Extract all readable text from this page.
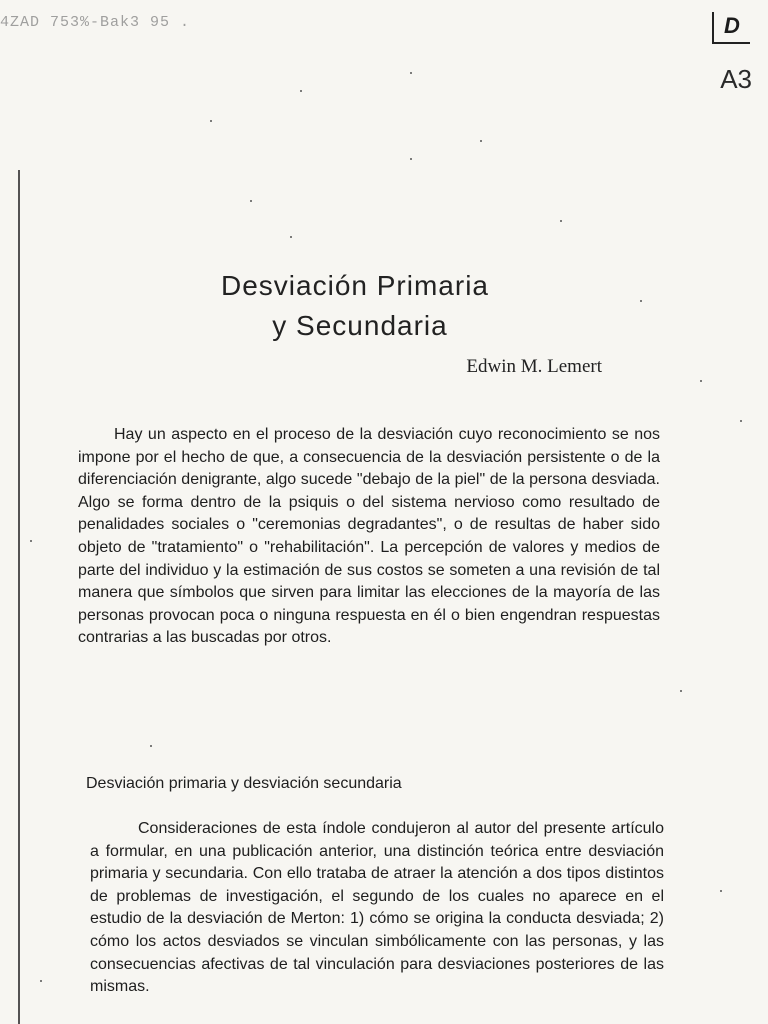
4ZAD 753%-Bak3 95 .	D
A3
Desviación Primaria
y Secundaria
Edwin M. Lemert

Hay un aspecto en el proceso de la desviación cuyo reconocimiento se nos impone por el hecho de que, a consecuencia de la desviación persistente o de la diferenciación denigrante, algo sucede "debajo de la piel" de la persona desviada. Algo se forma dentro de la psiquis o del sistema nervioso como resultado de penalidades sociales o "ceremonias degradantes", o de resultas de haber sido objeto de "tratamiento" o "rehabilitación". La percepción de valores y medios de parte del individuo y la estimación de sus costos se someten a una revisión de tal manera que símbolos que sirven para limitar las elecciones de la mayoría de las personas provocan poca o ninguna respuesta en él o bien engendran respuestas contrarias a las buscadas por otros.

Desviación primaria y desviación secundaria

Consideraciones de esta índole condujeron al autor del presente artículo a formular, en una publicación anterior, una distinción teórica entre desviación primaria y secundaria. Con ello trataba de atraer la atención a dos tipos distintos de problemas de investigación, el segundo de los cuales no aparece en el estudio de la desviación de Merton: 1) cómo se origina la conducta desviada; 2) cómo los actos desviados se vinculan simbólicamente con las personas, y las consecuencias afectivas de tal vinculación para desviaciones posteriores de las mismas.
